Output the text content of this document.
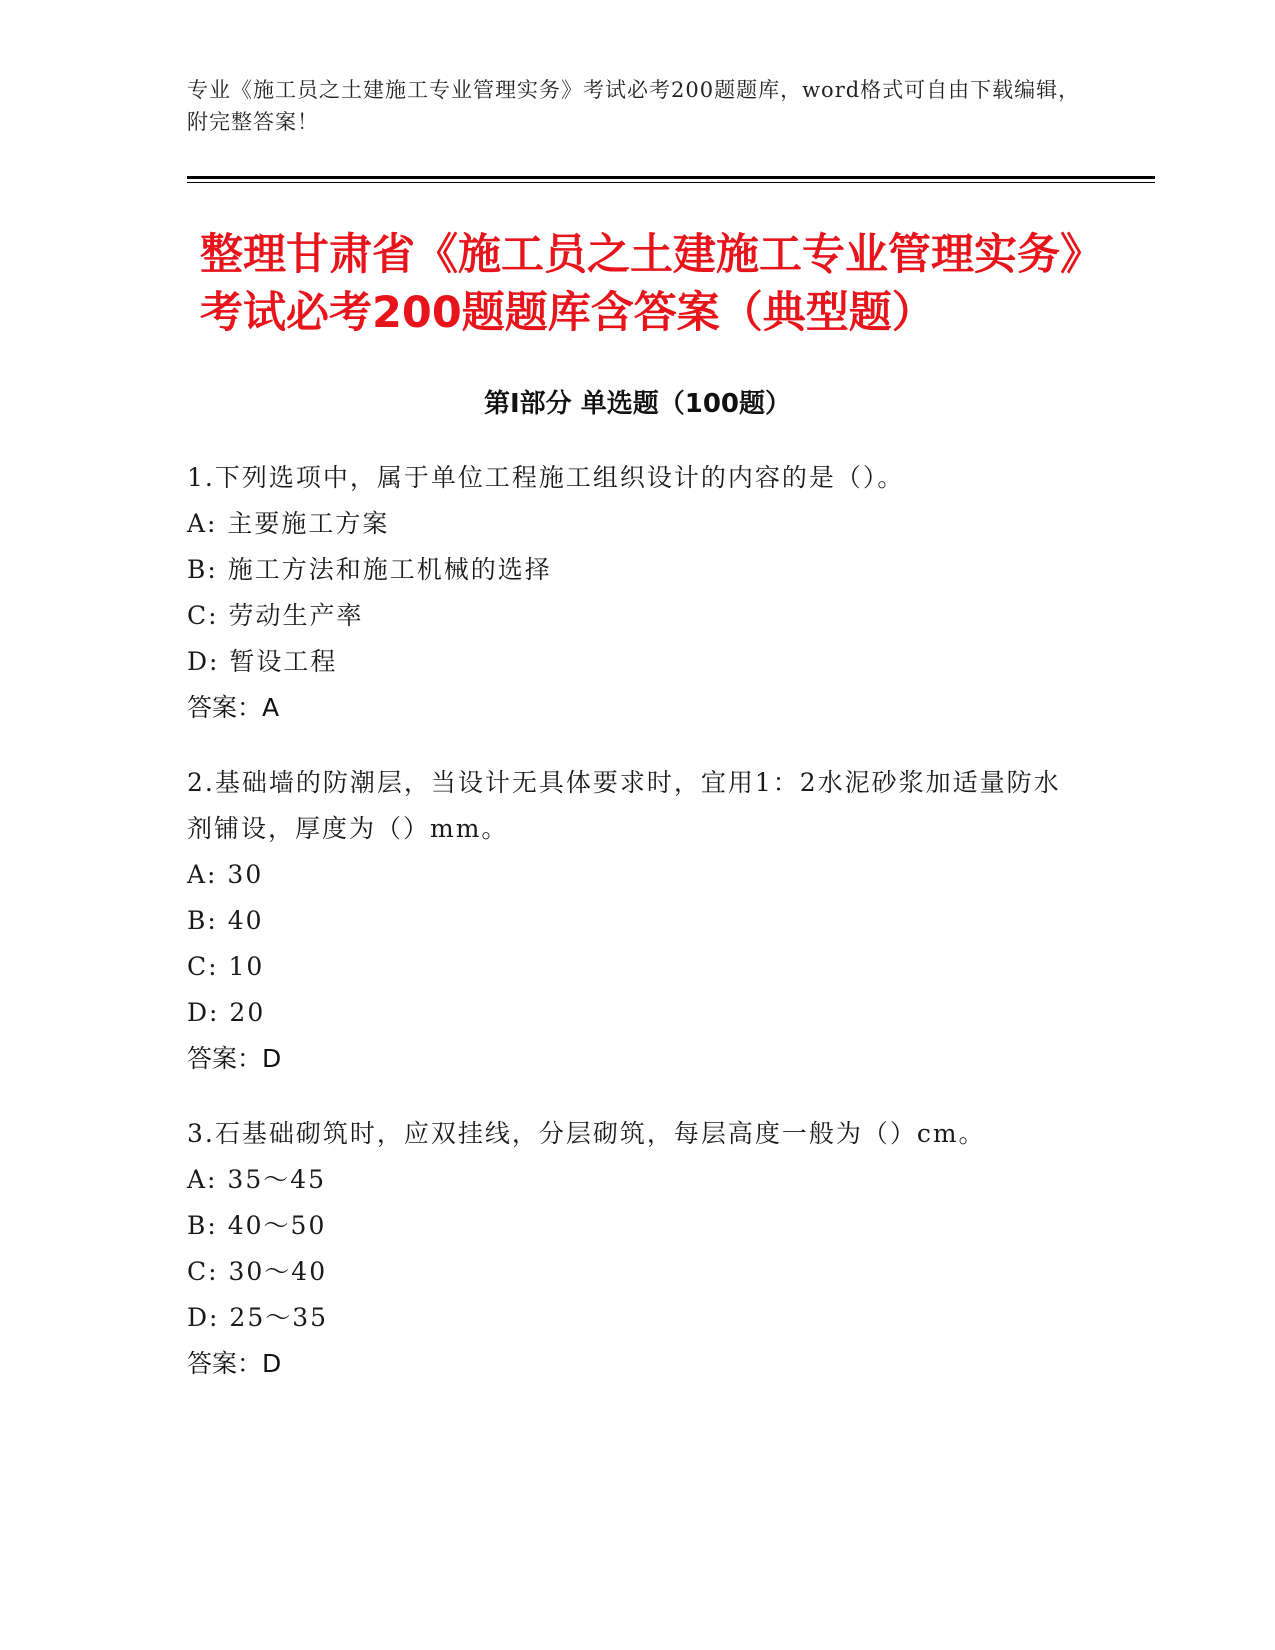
专业《施工员之土建施工专业管理实务》考试必考200题题库，word格式可自由下载编辑，附完整答案！
整理甘肃省《施工员之土建施工专业管理实务》考试必考200题题库含答案（典型题）
第I部分 单选题（100题）
1.下列选项中，属于单位工程施工组织设计的内容的是（）。
A: 主要施工方案
B: 施工方法和施工机械的选择
C: 劳动生产率
D: 暂设工程
答案：A
2.基础墙的防潮层，当设计无具体要求时，宜用1：2水泥砂浆加适量防水剂铺设，厚度为（）mm。
A: 30
B: 40
C: 10
D: 20
答案：D
3.石基础砌筑时，应双挂线，分层砌筑，每层高度一般为（）cm。
A: 35～45
B: 40～50
C: 30～40
D: 25～35
答案：D
